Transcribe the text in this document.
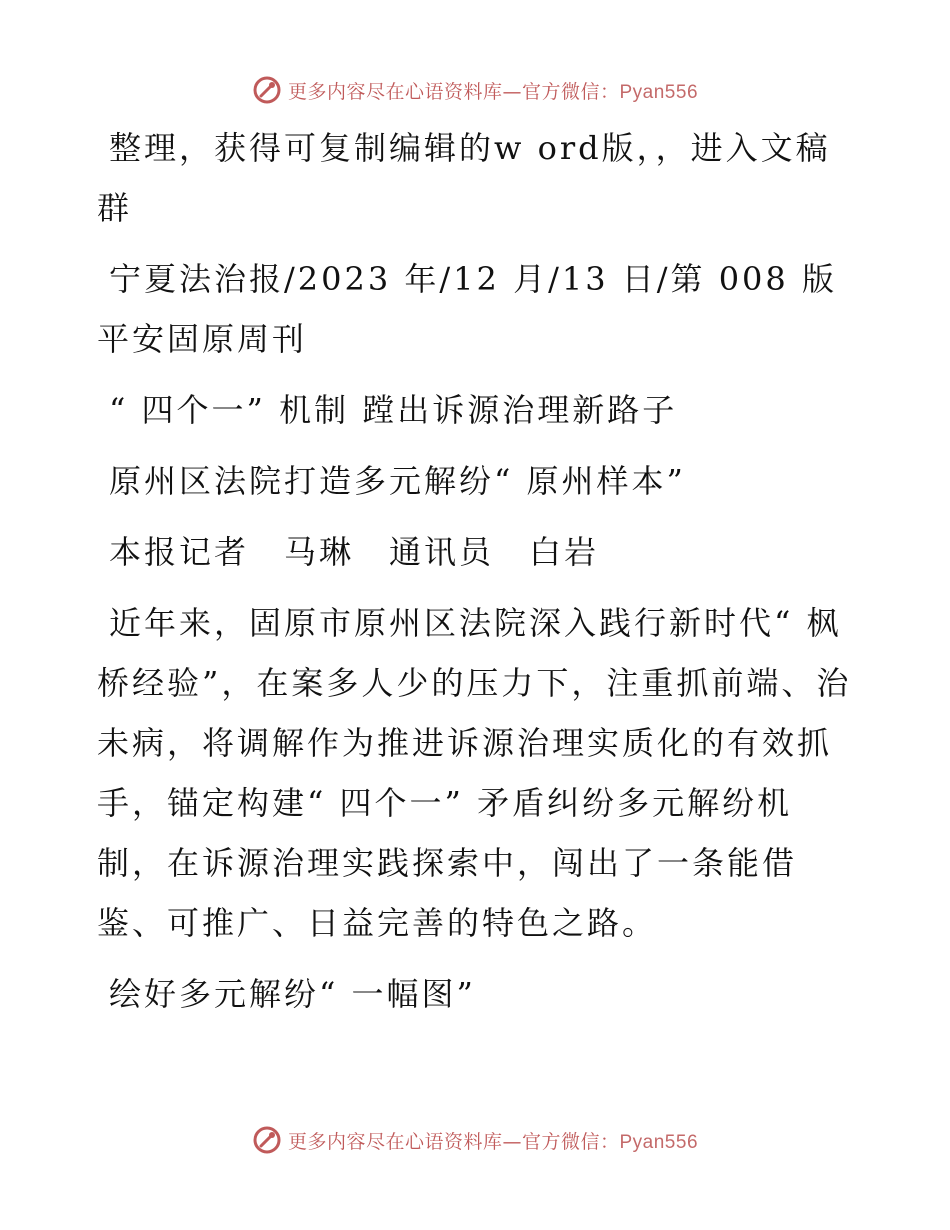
更多内容尽在心语资料库—官方微信：Pyan556

整理，获得可复制编辑的w ord版，，进入文稿群

宁夏法治报/2023 年/12 月/13 日/第 008 版平安固原周刊

“ 四个一” 机制 蹚出诉源治理新路子

原州区法院打造多元解纷“ 原州样本”

本报记者　马琳　通讯员　白岩

近年来，固原市原州区法院深入践行新时代“ 枫桥经验”，在案多人少的压力下，注重抓前端、治未病，将调解作为推进诉源治理实质化的有效抓手，锚定构建“ 四个一” 矛盾纠纷多元解纷机制，在诉源治理实践探索中，闯出了一条能借鉴、可推广、日益完善的特色之路。

绘好多元解纷“ 一幅图”

更多内容尽在心语资料库—官方微信：Pyan556
